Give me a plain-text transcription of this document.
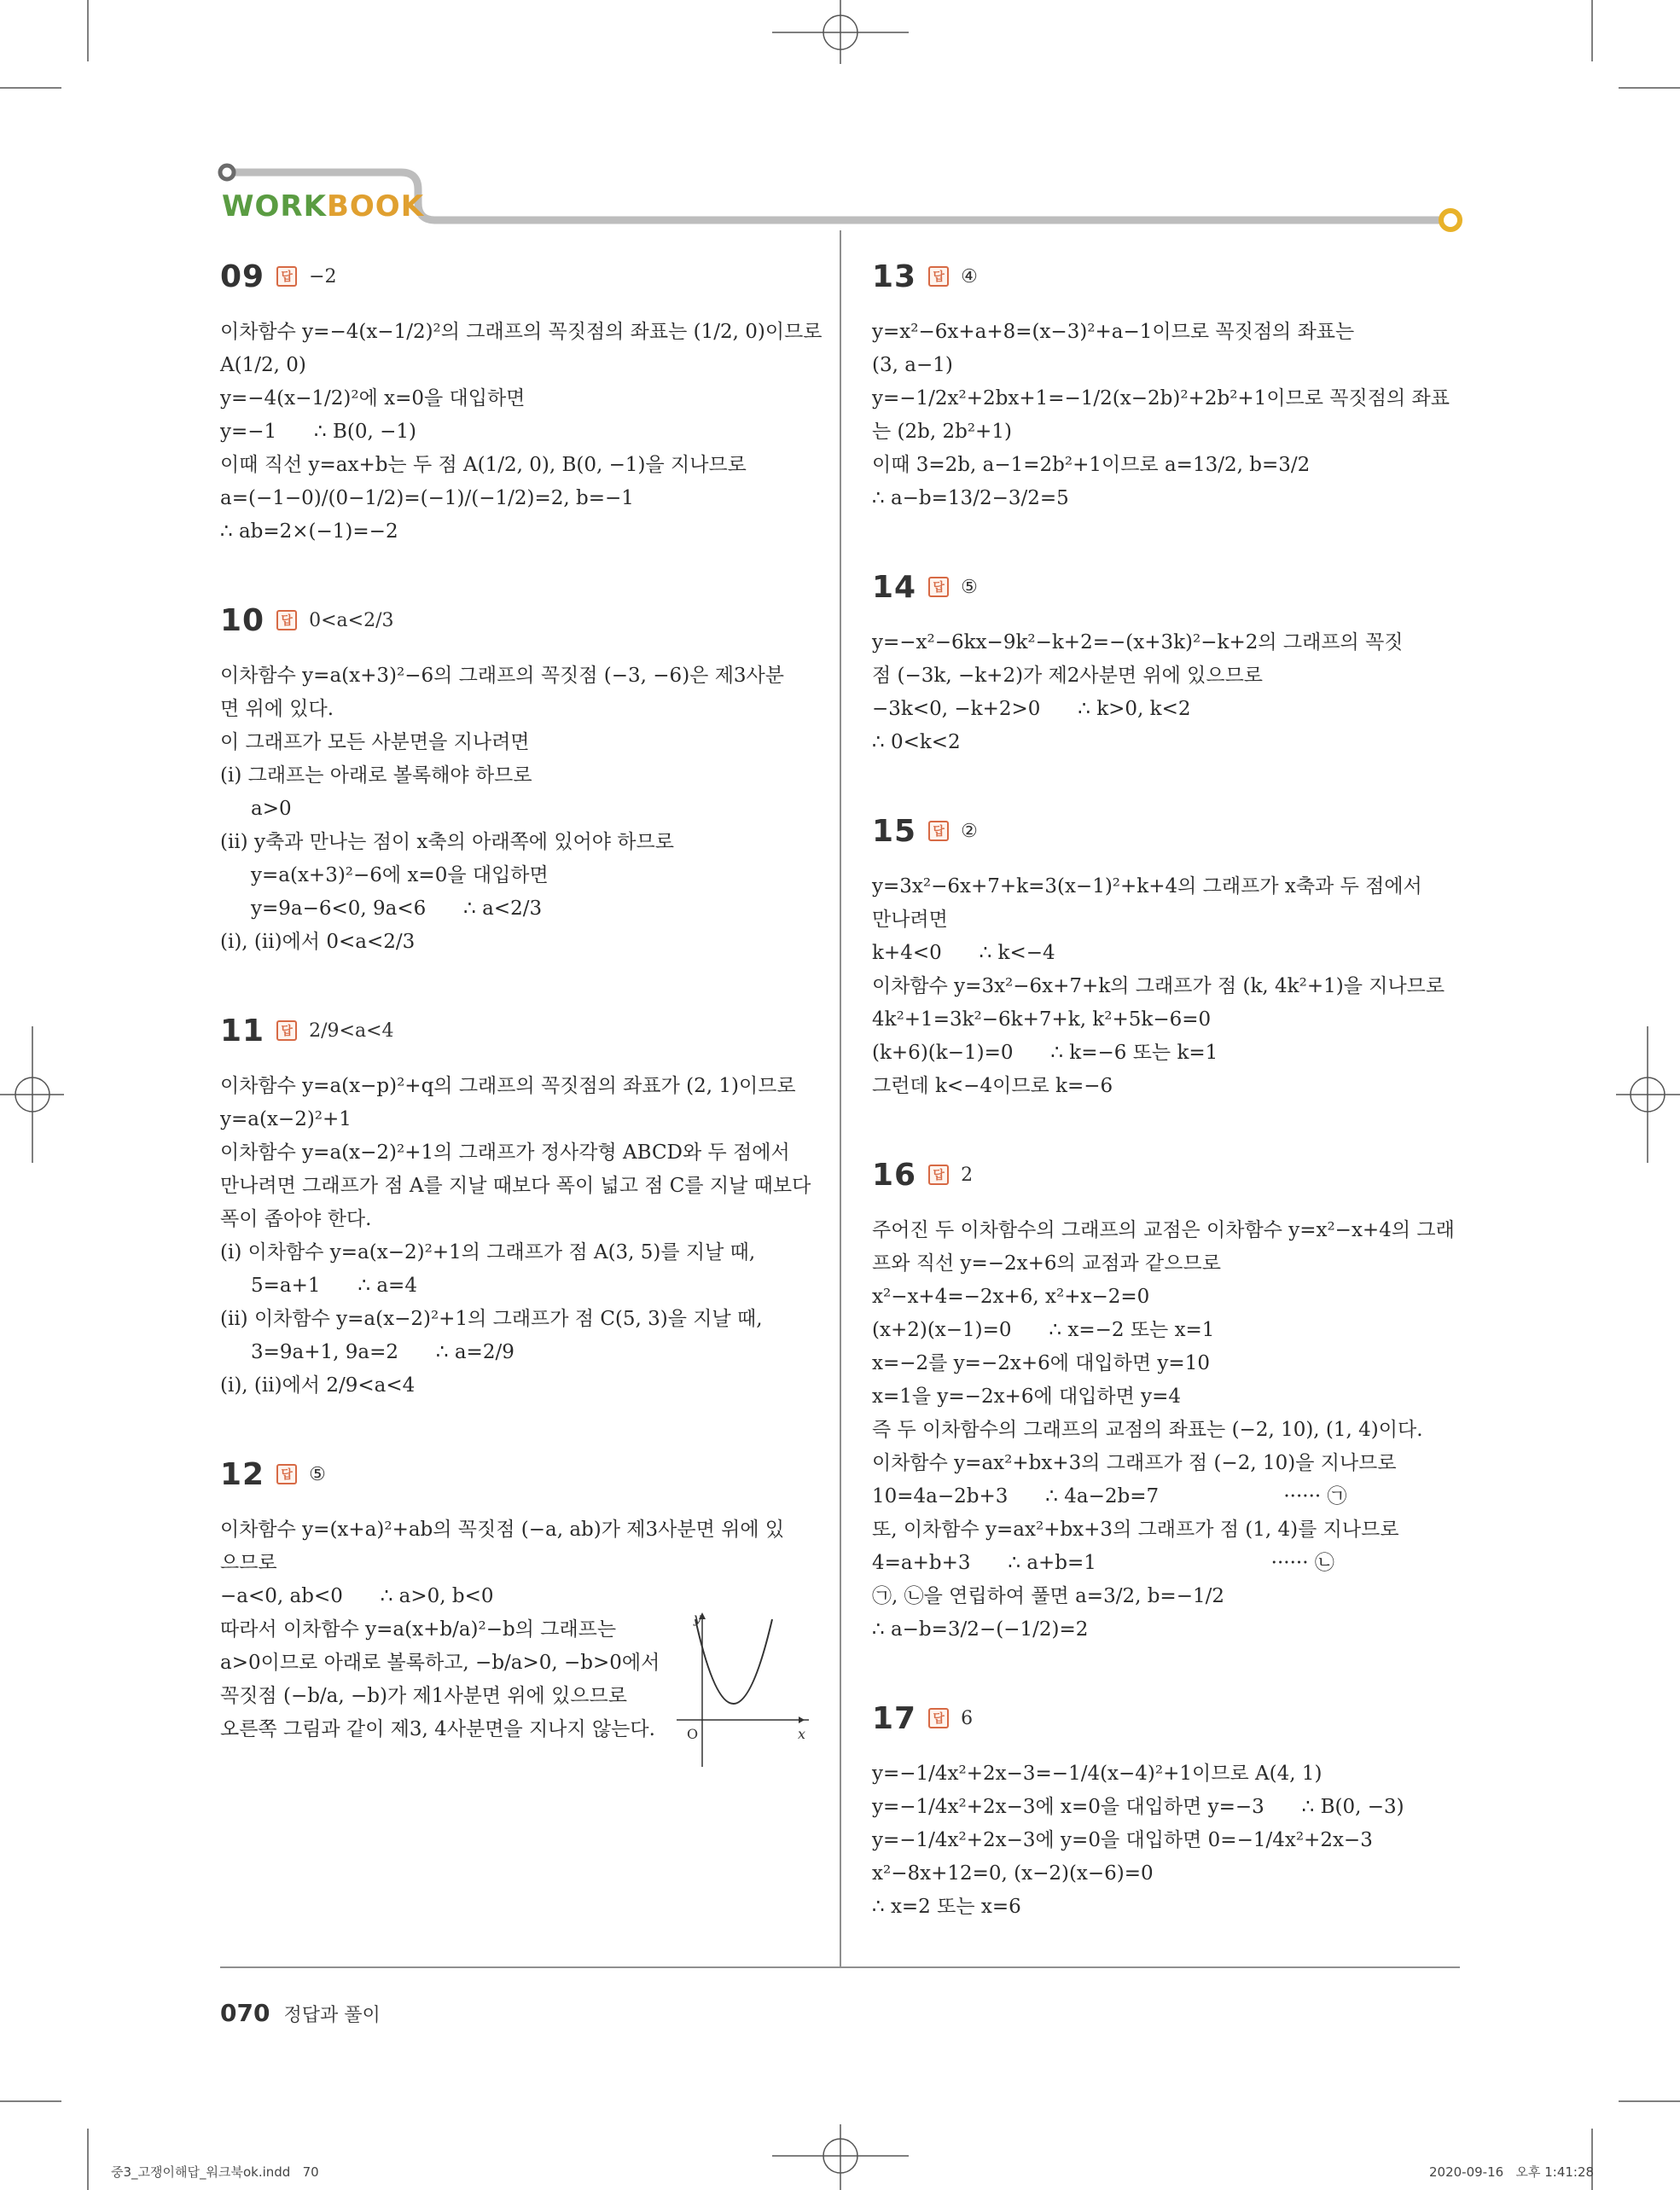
WORKBOOK
09	답 −2
이차함수 y=−4(x−1/2)²의 그래프의 꼭짓점의 좌표는 (1/2, 0)이므로
A(1/2, 0)
y=−4(x−1/2)²에 x=0을 대입하면
y=−1      ∴ B(0, −1)
이때 직선 y=ax+b는 두 점 A(1/2, 0), B(0, −1)을 지나므로
a=(−1−0)/(0−1/2)=(−1)/(−1/2)=2, b=−1
∴ ab=2×(−1)=−2
10	답 0<a<2/3
이차함수 y=a(x+3)²−6의 그래프의 꼭짓점 (−3, −6)은 제3사분
면 위에 있다.
이 그래프가 모든 사분면을 지나려면
(i) 그래프는 아래로 볼록해야 하므로
a>0
(ii) y축과 만나는 점이 x축의 아래쪽에 있어야 하므로
y=a(x+3)²−6에 x=0을 대입하면
y=9a−6<0, 9a<6      ∴ a<2/3
(i), (ii)에서 0<a<2/3
11	답 2/9<a<4
이차함수 y=a(x−p)²+q의 그래프의 꼭짓점의 좌표가 (2, 1)이므로
y=a(x−2)²+1
이차함수 y=a(x−2)²+1의 그래프가 정사각형 ABCD와 두 점에서
만나려면 그래프가 점 A를 지날 때보다 폭이 넓고 점 C를 지날 때보다
폭이 좁아야 한다.
(i) 이차함수 y=a(x−2)²+1의 그래프가 점 A(3, 5)를 지날 때,
5=a+1      ∴ a=4
(ii) 이차함수 y=a(x−2)²+1의 그래프가 점 C(5, 3)을 지날 때,
3=9a+1, 9a=2      ∴ a=2/9
(i), (ii)에서 2/9<a<4
12	답 ⑤
이차함수 y=(x+a)²+ab의 꼭짓점 (−a, ab)가 제3사분면 위에 있
으므로
−a<0, ab<0      ∴ a>0, b<0
따라서 이차함수 y=a(x+b/a)²−b의 그래프는
a>0이므로 아래로 볼록하고, −b/a>0, −b>0에서
꼭짓점 (−b/a, −b)가 제1사분면 위에 있으므로
오른쪽 그림과 같이 제3, 4사분면을 지나지 않는다.
y
x
O
13	답 ④
y=x²−6x+a+8=(x−3)²+a−1이므로 꼭짓점의 좌표는
(3, a−1)
y=−1/2x²+2bx+1=−1/2(x−2b)²+2b²+1이므로 꼭짓점의 좌표
는 (2b, 2b²+1)
이때 3=2b, a−1=2b²+1이므로 a=13/2, b=3/2
∴ a−b=13/2−3/2=5
14	답 ⑤
y=−x²−6kx−9k²−k+2=−(x+3k)²−k+2의 그래프의 꼭짓
점 (−3k, −k+2)가 제2사분면 위에 있으므로
−3k<0, −k+2>0      ∴ k>0, k<2
∴ 0<k<2
15	답 ②
y=3x²−6x+7+k=3(x−1)²+k+4의 그래프가 x축과 두 점에서
만나려면
k+4<0      ∴ k<−4
이차함수 y=3x²−6x+7+k의 그래프가 점 (k, 4k²+1)을 지나므로
4k²+1=3k²−6k+7+k, k²+5k−6=0
(k+6)(k−1)=0      ∴ k=−6 또는 k=1
그런데 k<−4이므로 k=−6
16	답 2
주어진 두 이차함수의 그래프의 교점은 이차함수 y=x²−x+4의 그래
프와 직선 y=−2x+6의 교점과 같으므로
x²−x+4=−2x+6, x²+x−2=0
(x+2)(x−1)=0      ∴ x=−2 또는 x=1
x=−2를 y=−2x+6에 대입하면 y=10
x=1을 y=−2x+6에 대입하면 y=4
즉 두 이차함수의 그래프의 교점의 좌표는 (−2, 10), (1, 4)이다.
이차함수 y=ax²+bx+3의 그래프가 점 (−2, 10)을 지나므로
10=4a−2b+3      ∴ 4a−2b=7                    ······ ㉠
또, 이차함수 y=ax²+bx+3의 그래프가 점 (1, 4)를 지나므로
4=a+b+3      ∴ a+b=1                            ······ ㉡
㉠, ㉡을 연립하여 풀면 a=3/2, b=−1/2
∴ a−b=3/2−(−1/2)=2
17	답 6
y=−1/4x²+2x−3=−1/4(x−4)²+1이므로 A(4, 1)
y=−1/4x²+2x−3에 x=0을 대입하면 y=−3      ∴ B(0, −3)
y=−1/4x²+2x−3에 y=0을 대입하면 0=−1/4x²+2x−3
x²−8x+12=0, (x−2)(x−6)=0
∴ x=2 또는 x=6
070 정답과 풀이
중3_고쟁이해답_워크북ok.indd   70	2020-09-16   오후 1:41:28
